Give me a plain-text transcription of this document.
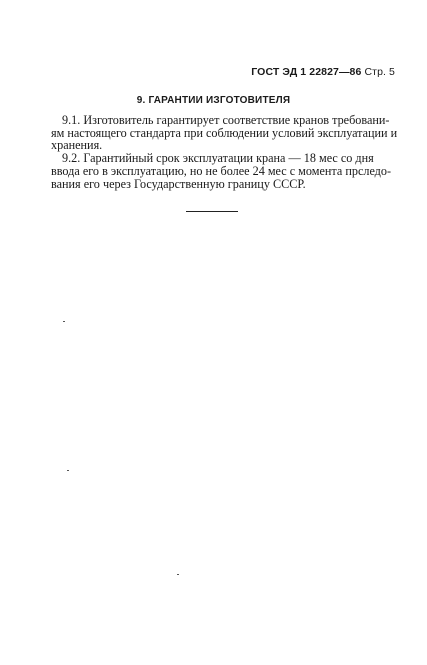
ГОСТ ЭД 1 22827—86 Стр. 5
9. ГАРАНТИИ ИЗГОТОВИТЕЛЯ

9.1. Изготовитель гарантирует соответствие кранов требовани-
ям настоящего стандарта при соблюдении условий эксплуатации и
хранения.

9.2. Гарантийный срок эксплуатации крана — 18 мес со дня
ввода его в эксплуатацию, но не более 24 мес с момента прследо-
вания его через Государственную границу СССР.
